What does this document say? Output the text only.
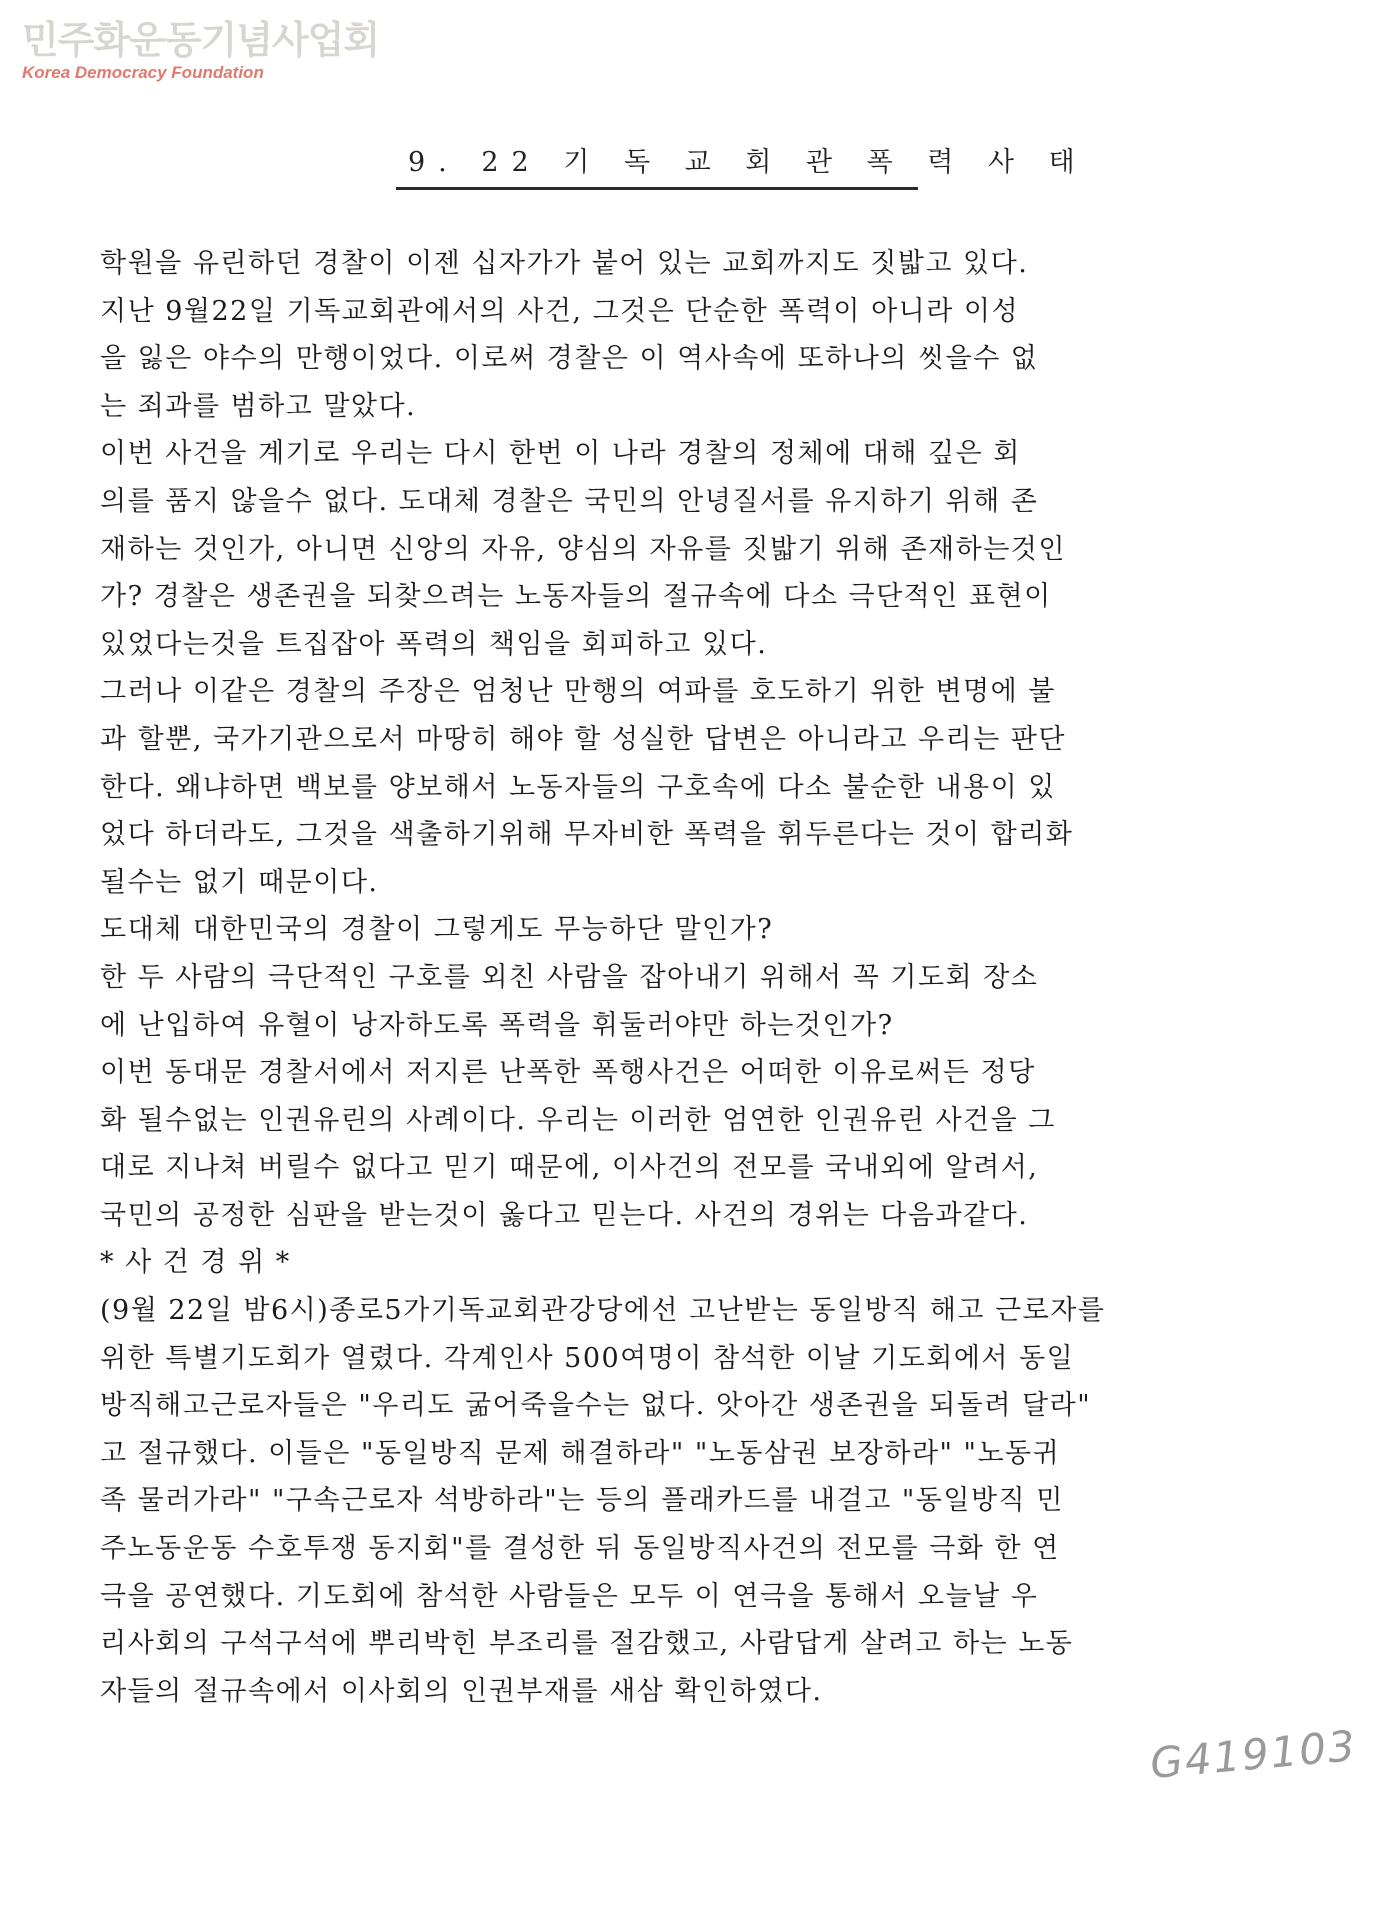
민주화운동기념사업회
Korea Democracy Foundation
9. 22 기 독 교 회 관 폭 력 사 태
학원을 유린하던 경찰이 이젠 십자가가 붙어 있는 교회까지도 짓밟고 있다.
지난 9월22일 기독교회관에서의 사건, 그것은 단순한 폭력이 아니라 이성
을 잃은 야수의 만행이었다. 이로써 경찰은 이 역사속에 또하나의 씻을수 없
는 죄과를 범하고 말았다.
이번 사건을 계기로 우리는 다시 한번 이 나라 경찰의 정체에 대해 깊은 회
의를 품지 않을수 없다. 도대체 경찰은 국민의 안녕질서를 유지하기 위해 존
재하는 것인가, 아니면 신앙의 자유, 양심의 자유를 짓밟기 위해 존재하는것인
가? 경찰은 생존권을 되찾으려는 노동자들의 절규속에 다소 극단적인 표현이
있었다는것을 트집잡아 폭력의 책임을 회피하고 있다.
그러나 이같은 경찰의 주장은 엄청난 만행의 여파를 호도하기 위한 변명에 불
과 할뿐, 국가기관으로서 마땅히 해야 할 성실한 답변은 아니라고 우리는 판단
한다. 왜냐하면 백보를 양보해서 노동자들의 구호속에 다소 불순한 내용이 있
었다 하더라도, 그것을 색출하기위해 무자비한 폭력을 휘두른다는 것이 합리화
될수는 없기 때문이다.
도대체 대한민국의 경찰이 그렇게도 무능하단 말인가?
한 두 사람의 극단적인 구호를 외친 사람을 잡아내기 위해서 꼭 기도회 장소
에 난입하여 유혈이 낭자하도록 폭력을 휘둘러야만 하는것인가?
이번 동대문 경찰서에서 저지른 난폭한 폭행사건은 어떠한 이유로써든 정당
화 될수없는 인권유린의 사례이다. 우리는 이러한 엄연한 인권유린 사건을 그
대로 지나쳐 버릴수 없다고 믿기 때문에, 이사건의 전모를 국내외에 알려서,
국민의 공정한 심판을 받는것이 옳다고 믿는다. 사건의 경위는 다음과같다.
* 사 건 경 위 *
(9월 22일 밤6시)종로5가기독교회관강당에선 고난받는 동일방직 해고 근로자를
위한 특별기도회가 열렸다. 각계인사 500여명이 참석한 이날 기도회에서 동일
방직해고근로자들은 "우리도 굶어죽을수는 없다. 앗아간 생존권을 되돌려 달라"
고 절규했다. 이들은 "동일방직 문제 해결하라" "노동삼권 보장하라" "노동귀
족 물러가라" "구속근로자 석방하라"는 등의 플래카드를 내걸고 "동일방직 민
주노동운동 수호투쟁 동지회"를 결성한 뒤 동일방직사건의 전모를 극화 한 연
극을 공연했다. 기도회에 참석한 사람들은 모두 이 연극을 통해서 오늘날 우
리사회의 구석구석에 뿌리박힌 부조리를 절감했고, 사람답게 살려고 하는 노동
자들의 절규속에서 이사회의 인권부재를 새삼 확인하였다.
G419103
